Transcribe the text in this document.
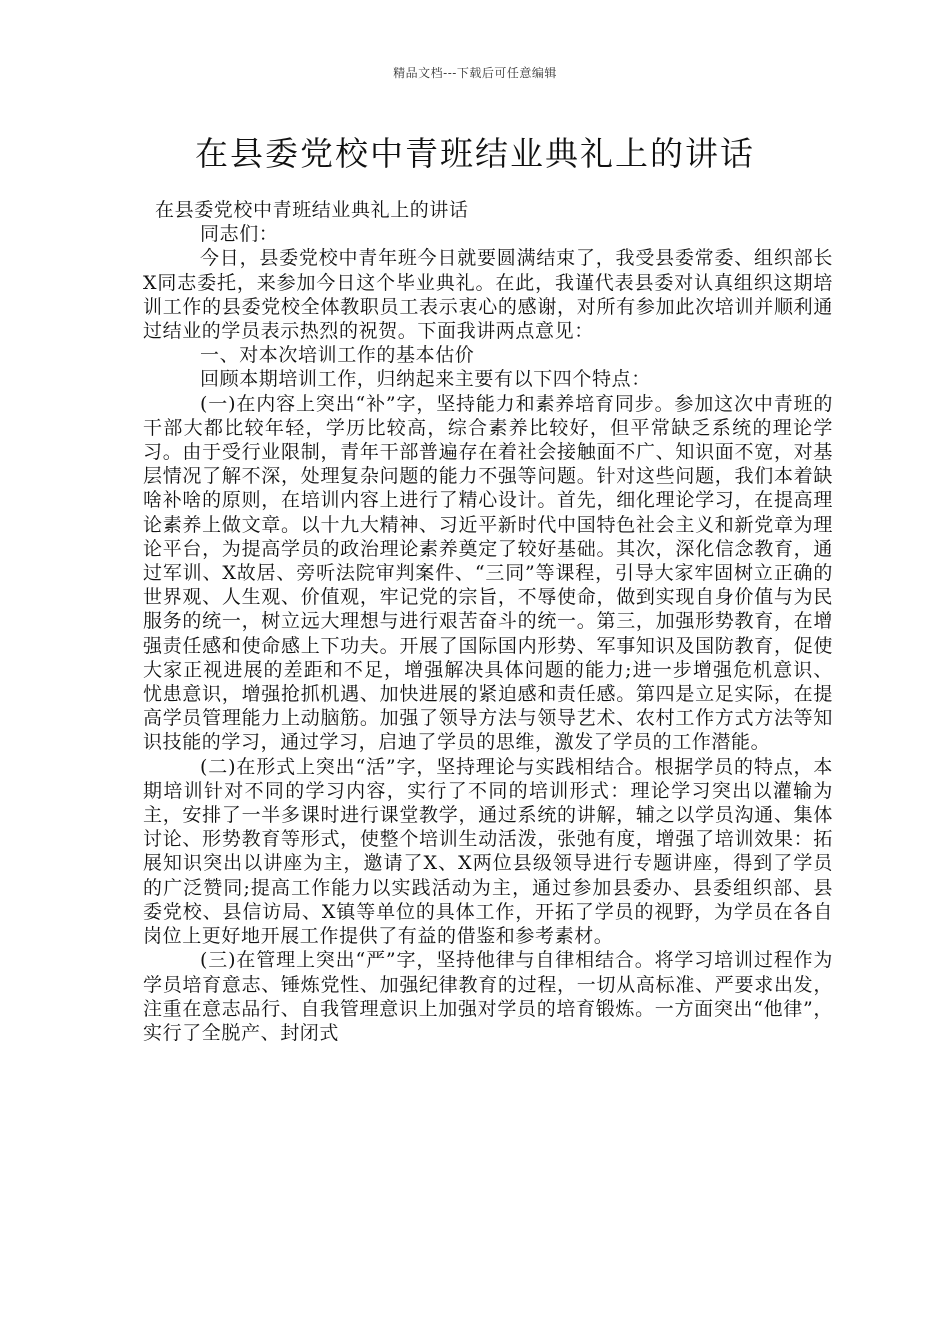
精品文档---下载后可任意编辑
在县委党校中青班结业典礼上的讲话

在县委党校中青班结业典礼上的讲话

同志们：

今日，县委党校中青年班今日就要圆满结束了，我受县委常委、组织部长X同志委托，来参加今日这个毕业典礼。在此，我谨代表县委对认真组织这期培训工作的县委党校全体教职员工表示衷心的感谢，对所有参加此次培训并顺利通过结业的学员表示热烈的祝贺。下面我讲两点意见：

一、对本次培训工作的基本估价

回顾本期培训工作，归纳起来主要有以下四个特点：

(一)在内容上突出“补”字，坚持能力和素养培育同步。参加这次中青班的干部大都比较年轻，学历比较高，综合素养比较好，但平常缺乏系统的理论学习。由于受行业限制，青年干部普遍存在着社会接触面不广、知识面不宽，对基层情况了解不深，处理复杂问题的能力不强等问题。针对这些问题，我们本着缺啥补啥的原则，在培训内容上进行了精心设计。首先，细化理论学习，在提高理论素养上做文章。以十九大精神、习近平新时代中国特色社会主义和新党章为理论平台，为提高学员的政治理论素养奠定了较好基础。其次，深化信念教育，通过军训、X故居、旁听法院审判案件、“三同”等课程，引导大家牢固树立正确的世界观、人生观、价值观，牢记党的宗旨，不辱使命，做到实现自身价值与为民服务的统一，树立远大理想与进行艰苦奋斗的统一。第三，加强形势教育，在增强责任感和使命感上下功夫。开展了国际国内形势、军事知识及国防教育，促使大家正视进展的差距和不足，增强解决具体问题的能力;进一步增强危机意识、忧患意识，增强抢抓机遇、加快进展的紧迫感和责任感。第四是立足实际，在提高学员管理能力上动脑筋。加强了领导方法与领导艺术、农村工作方式方法等知识技能的学习，通过学习，启迪了学员的思维，激发了学员的工作潜能。

(二)在形式上突出“活”字，坚持理论与实践相结合。根据学员的特点，本期培训针对不同的学习内容，实行了不同的培训形式：理论学习突出以灌输为主，安排了一半多课时进行课堂教学，通过系统的讲解，辅之以学员沟通、集体讨论、形势教育等形式，使整个培训生动活泼，张弛有度，增强了培训效果：拓展知识突出以讲座为主，邀请了X、X两位县级领导进行专题讲座，得到了学员的广泛赞同;提高工作能力以实践活动为主，通过参加县委办、县委组织部、县委党校、县信访局、X镇等单位的具体工作，开拓了学员的视野，为学员在各自岗位上更好地开展工作提供了有益的借鉴和参考素材。

(三)在管理上突出“严”字，坚持他律与自律相结合。将学习培训过程作为学员培育意志、锤炼党性、加强纪律教育的过程，一切从高标准、严要求出发，注重在意志品行、自我管理意识上加强对学员的培育锻炼。一方面突出“他律”，实行了全脱产、封闭式
